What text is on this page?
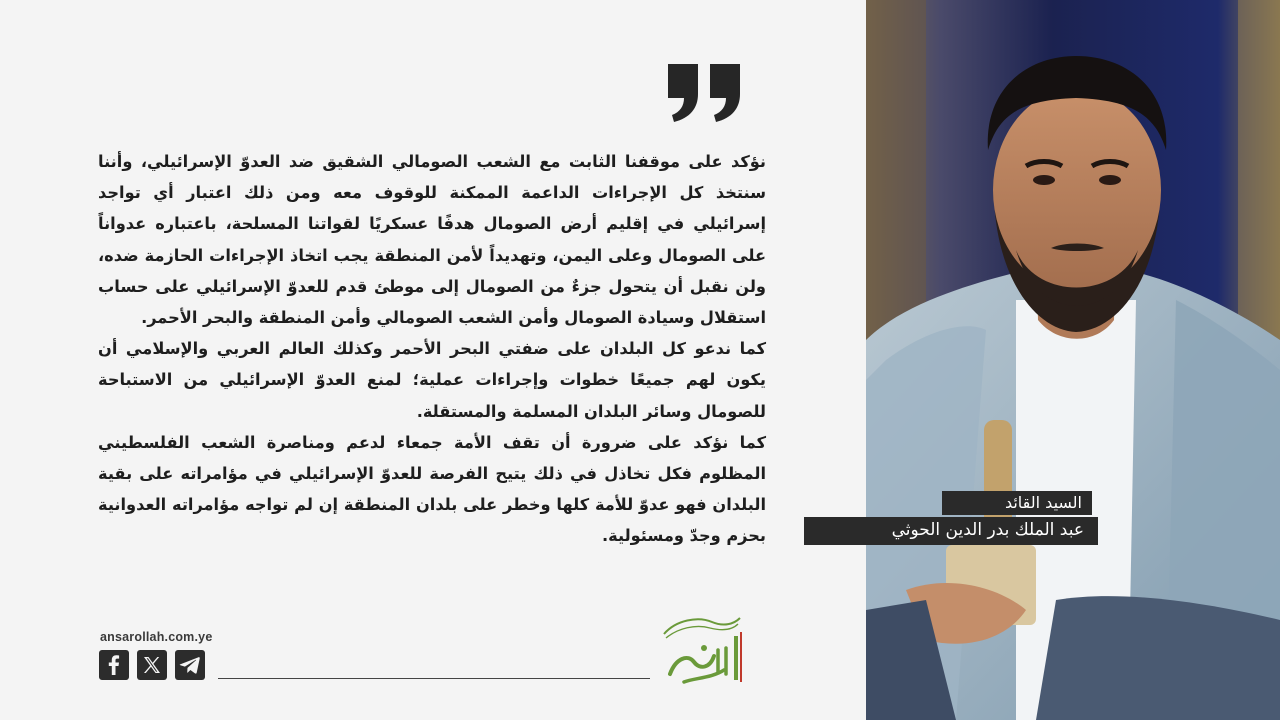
نؤكد على موقفنا الثابت مع الشعب الصومالي الشقيق ضد العدوّ الإسرائيلي، وأننا سنتخذ كل الإجراءات الداعمة الممكنة للوقوف معه ومن ذلك اعتبار أي تواجد إسرائيلي في إقليم أرض الصومال هدفًا عسكريًا لقواتنا المسلحة، باعتباره عدواناً على الصومال وعلى اليمن، وتهديداً لأمن المنطقة يجب اتخاذ الإجراءات الحازمة ضده، ولن نقبل أن يتحول جزءٌ من الصومال إلى موطئ قدم للعدوّ الإسرائيلي على حساب استقلال وسيادة الصومال وأمن الشعب الصومالي وأمن المنطقة والبحر الأحمر.

كما ندعو كل البلدان على ضفتي البحر الأحمر وكذلك العالم العربي والإسلامي أن يكون لهم جميعًا خطوات وإجراءات عملية؛ لمنع العدوّ الإسرائيلي من الاستباحة للصومال وسائر البلدان المسلمة والمستقلة.

كما نؤكد على ضرورة أن تقف الأمة جمعاء لدعم ومناصرة الشعب الفلسطيني المظلوم فكل تخاذل في ذلك يتيح الفرصة للعدوّ الإسرائيلي في مؤامراته على بقية البلدان فهو عدوّ للأمة كلها وخطر على بلدان المنطقة إن لم تواجه مؤامراته العدوانية بحزم وجدّ ومسئولية.

ansarollah.com.ye
السيد القائد
عبد الملك بدر الدين الحوثي
